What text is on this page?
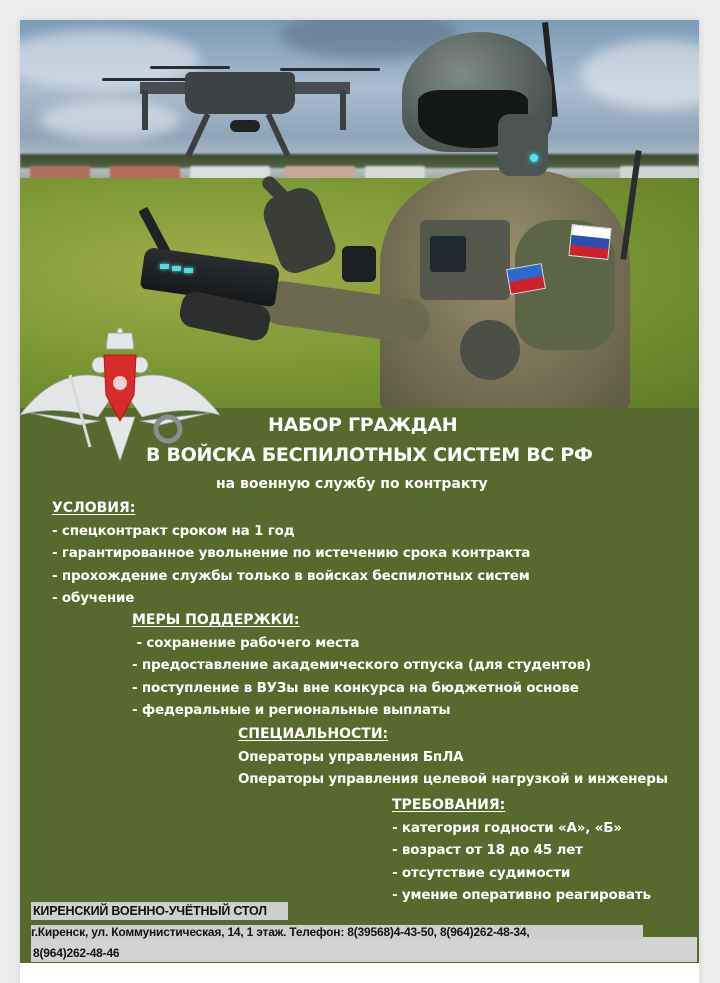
НАБОР ГРАЖДАН
В ВОЙСКА БЕСПИЛОТНЫХ СИСТЕМ ВС РФ
на военную службу по контракту
УСЛОВИЯ:
- спецконтракт сроком на 1 год
- гарантированное увольнение по истечению срока контракта
- прохождение службы только в войсках беспилотных систем
- обучение
МЕРЫ ПОДДЕРЖКИ:
- сохранение рабочего места
- предоставление академического отпуска (для студентов)
- поступление в ВУЗы вне конкурса на бюджетной основе
- федеральные и региональные выплаты
СПЕЦИАЛЬНОСТИ:
Операторы управления БпЛА
Операторы управления целевой нагрузкой и инженеры
ТРЕБОВАНИЯ:
- категория годности «А», «Б»
- возраст от 18 до 45 лет
- отсутствие судимости
- умение оперативно реагировать
КИРЕНСКИЙ ВОЕННО-УЧЁТНЫЙ СТОЛ
г.Киренск, ул. Коммунистическая, 14, 1 этаж. Телефон: 8(39568)4-43-50, 8(964)262-48-34,
8(964)262-48-46
